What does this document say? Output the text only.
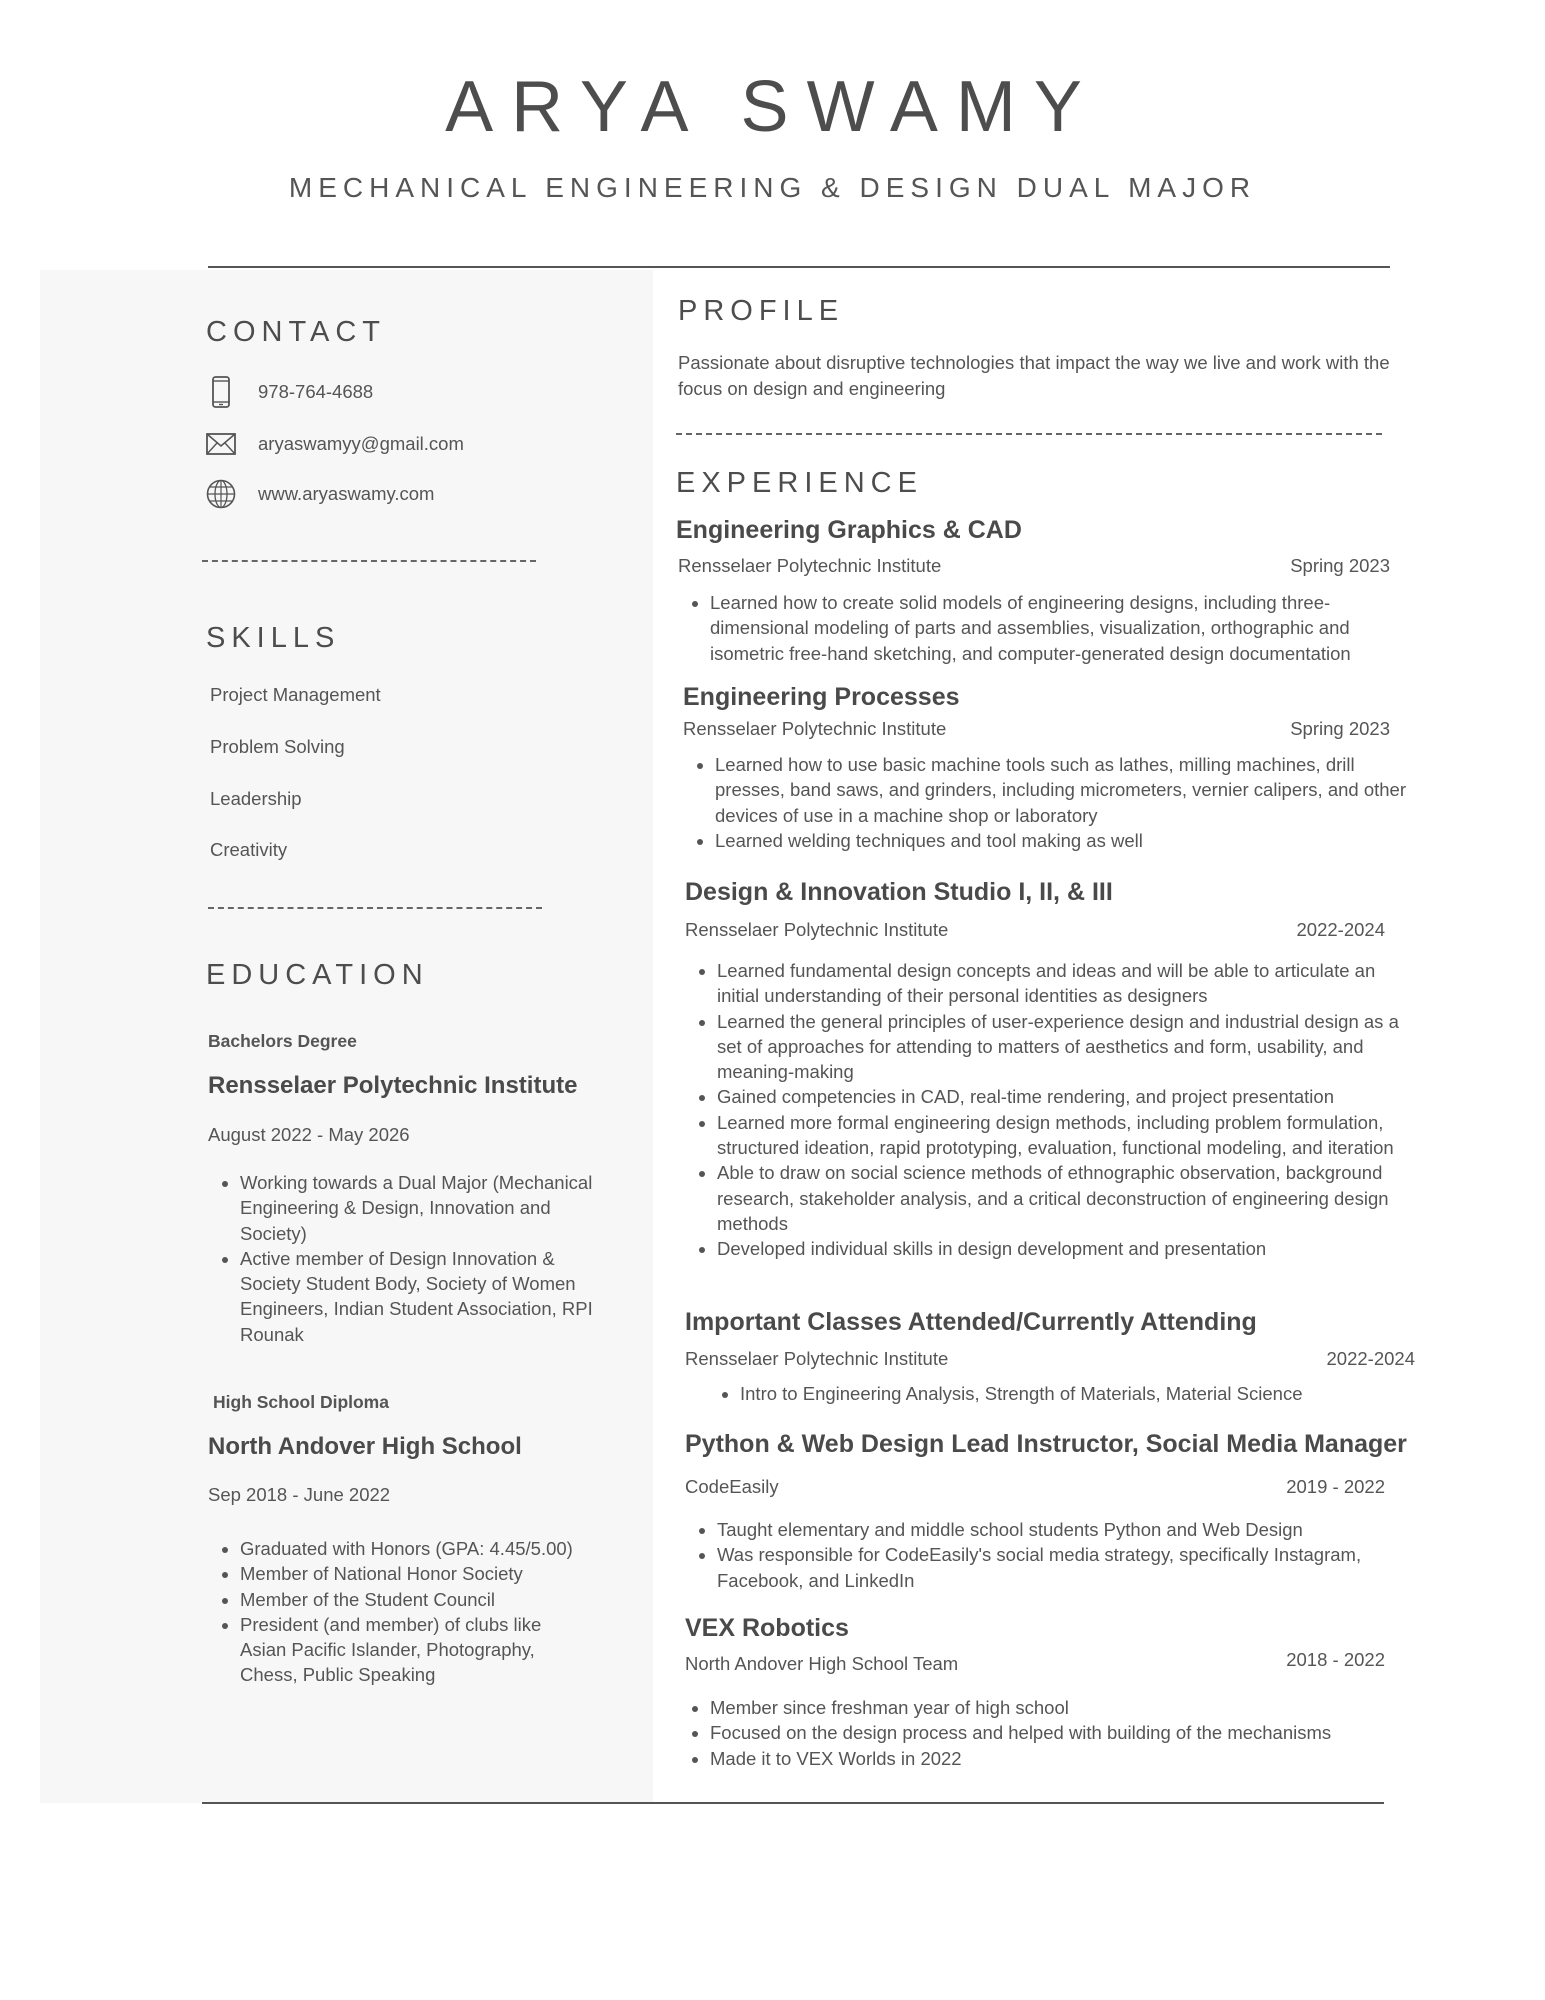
ARYA SWAMY
MECHANICAL ENGINEERING & DESIGN DUAL MAJOR
CONTACT
978-764-4688
aryaswamyy@gmail.com
www.aryaswamy.com
SKILLS
Project Management
Problem Solving
Leadership
Creativity
EDUCATION
Bachelors Degree
Rensselaer Polytechnic Institute
August 2022 - May 2026
• Working towards a Dual Major (Mechanical Engineering & Design, Innovation and Society)
• Active member of Design Innovation & Society Student Body, Society of Women Engineers, Indian Student Association, RPI Rounak
High School Diploma
North Andover High School
Sep 2018 - June 2022
• Graduated with Honors (GPA: 4.45/5.00)
• Member of National Honor Society
• Member of the Student Council
• President (and member) of clubs like Asian Pacific Islander, Photography, Chess, Public Speaking
PROFILE
Passionate about disruptive technologies that impact the way we live and work with the focus on design and engineering
EXPERIENCE
Engineering Graphics & CAD
Rensselaer Polytechnic Institute	Spring 2023
• Learned how to create solid models of engineering designs, including three-dimensional modeling of parts and assemblies, visualization, orthographic and isometric free-hand sketching, and computer-generated design documentation
Engineering Processes
Rensselaer Polytechnic Institute	Spring 2023
• Learned how to use basic machine tools such as lathes, milling machines, drill presses, band saws, and grinders, including micrometers, vernier calipers, and other devices of use in a machine shop or laboratory
• Learned welding techniques and tool making as well
Design & Innovation Studio I, II, & III
Rensselaer Polytechnic Institute	2022-2024
• Learned fundamental design concepts and ideas and will be able to articulate an initial understanding of their personal identities as designers
• Learned the general principles of user-experience design and industrial design as a set of approaches for attending to matters of aesthetics and form, usability, and meaning-making
• Gained competencies in CAD, real-time rendering, and project presentation
• Learned more formal engineering design methods, including problem formulation, structured ideation, rapid prototyping, evaluation, functional modeling, and iteration
• Able to draw on social science methods of ethnographic observation, background research, stakeholder analysis, and a critical deconstruction of engineering design methods
• Developed individual skills in design development and presentation
Important Classes Attended/Currently Attending
Rensselaer Polytechnic Institute	2022-2024
• Intro to Engineering Analysis, Strength of Materials, Material Science
Python & Web Design Lead Instructor, Social Media Manager
CodeEasily	2019 - 2022
• Taught elementary and middle school students Python and Web Design
• Was responsible for CodeEasily's social media strategy, specifically Instagram, Facebook, and LinkedIn
VEX Robotics
North Andover High School Team	2018 - 2022
• Member since freshman year of high school
• Focused on the design process and helped with building of the mechanisms
• Made it to VEX Worlds in 2022
